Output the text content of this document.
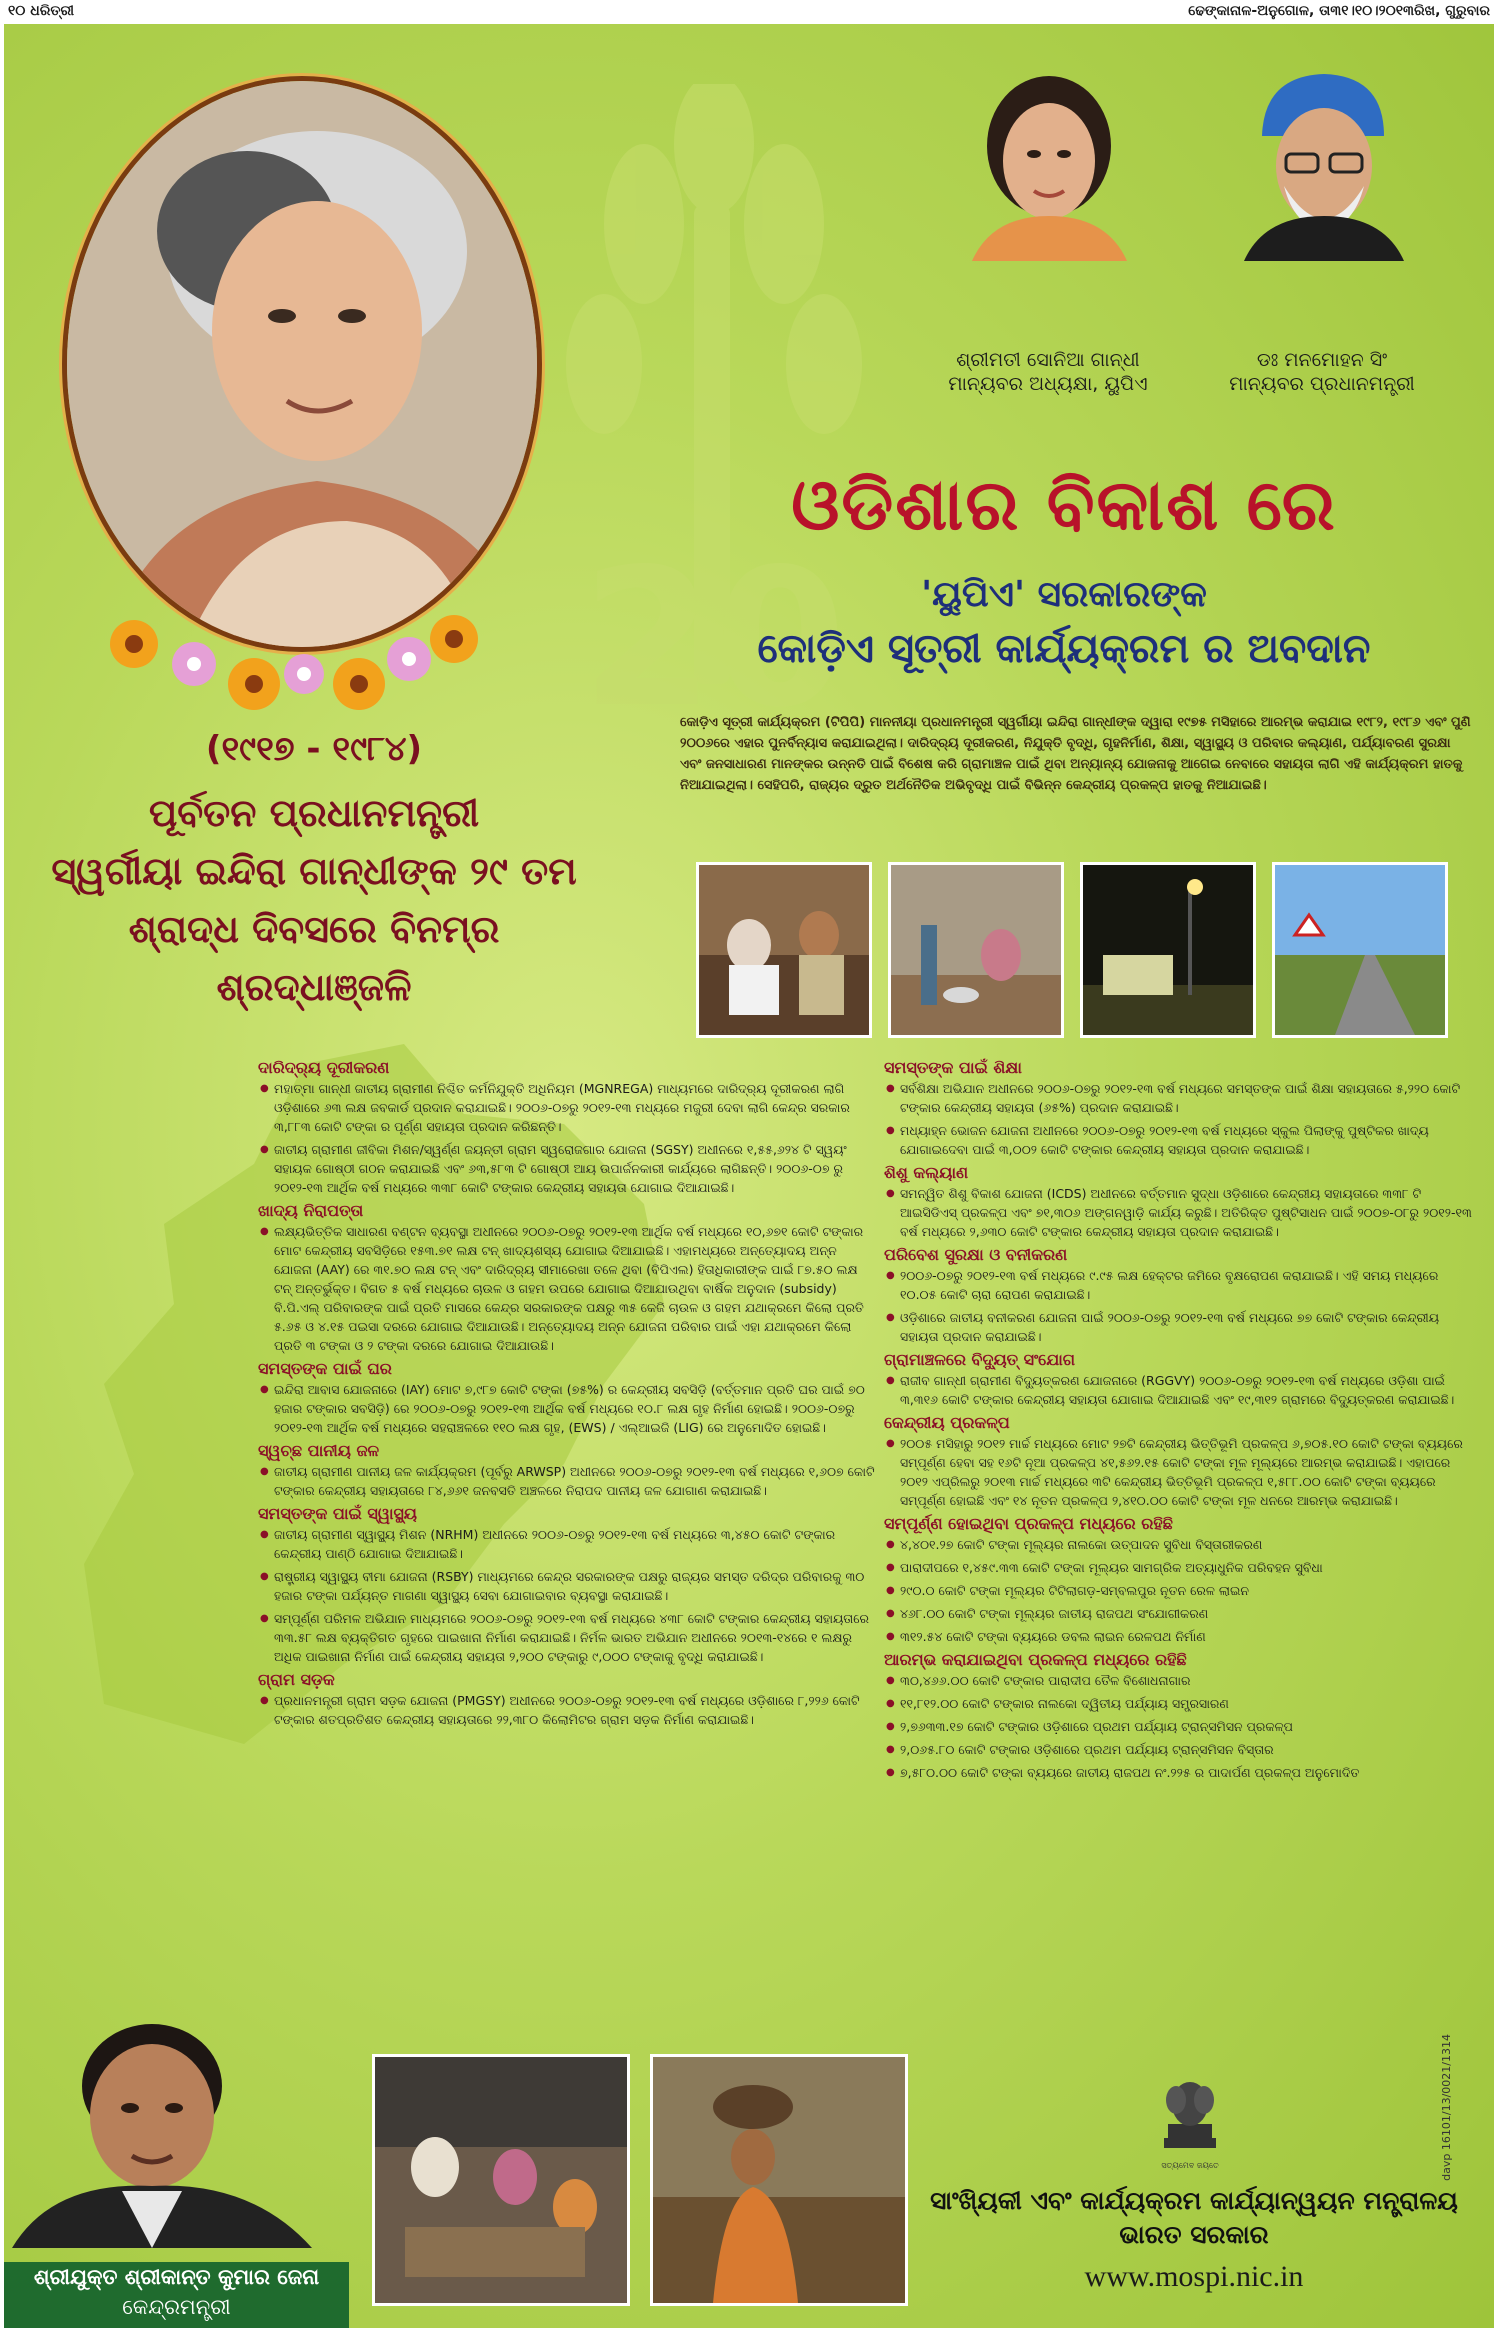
୧୦ ଧରିତ୍ରୀ	ଢେଙ୍କାନାଳ-ଅନୁଗୋଳ, ତା୩୧।୧୦।୨୦୧୩ରିଖ, ଗୁରୁବାର
20
(୧୯୧୭ - ୧୯୮୪)
ପୂର୍ବତନ ପ୍ରଧାନମନ୍ତ୍ରୀ
ସ୍ୱର୍ଗୀୟା ଇନ୍ଦିରା ଗାନ୍ଧୀଙ୍କ ୨୯ ତମ
ଶ୍ରାଦ୍ଧ ଦିବସରେ ବିନମ୍ର ଶ୍ରଦ୍ଧାଞ୍ଜଳି
ଶ୍ରୀମତୀ ସୋନିଆ ଗାନ୍ଧୀ
ମାନ୍ୟବର ଅଧ୍ୟକ୍ଷା, ୟୁପିଏ
ଡଃ ମନମୋହନ ସିଂ
ମାନ୍ୟବର ପ୍ରଧାନମନ୍ତ୍ରୀ
ଓଡିଶାର ବିକାଶ ରେ
'ୟୁପିଏ' ସରକାରଙ୍କ
କୋଡ଼ିଏ ସୂତ୍ରୀ କାର୍ଯ୍ୟକ୍ରମ ର ଅବଦାନ
କୋଡ଼ିଏ ସୂତ୍ରୀ କାର୍ଯ୍ୟକ୍ରମ (ଟିପିପି) ମାନନୀୟା ପ୍ରଧାନମନ୍ତ୍ରୀ ସ୍ୱର୍ଗୀୟା ଇନ୍ଦିରା ଗାନ୍ଧୀଙ୍କ ଦ୍ୱାରା ୧୯୭୫ ମସିହାରେ ଆରମ୍ଭ କରାଯାଇ ୧୯୮୨, ୧୯୮୬ ଏବଂ ପୁଣି ୨୦୦୬ରେ ଏହାର ପୁନର୍ବିନ୍ୟାସ କରାଯାଇଥିଲା। ଦାରିଦ୍ର୍ୟ ଦୂରୀକରଣ, ନିଯୁକ୍ତି ବୃଦ୍ଧି, ଗୃହନିର୍ମାଣ, ଶିକ୍ଷା, ସ୍ୱାସ୍ଥ୍ୟ ଓ ପରିବାର କଲ୍ୟାଣ, ପର୍ଯ୍ୟାବରଣ ସୁରକ୍ଷା ଏବଂ ଜନସାଧାରଣ ମାନଙ୍କର ଉନ୍ନତି ପାଇଁ ବିଶେଷ କରି ଗ୍ରାମାଞ୍ଚଳ ପାଇଁ ଥିବା ଅନ୍ୟାନ୍ୟ ଯୋଜନାକୁ ଆଗେଇ ନେବାରେ ସହାୟତା ଲାଗି ଏହି କାର୍ଯ୍ୟକ୍ରମ ହାତକୁ ନିଆଯାଇଥିଲା। ସେହିପରି, ରାଜ୍ୟର ଦ୍ରୁତ ଅର୍ଥନୈତିକ ଅଭିବୃଦ୍ଧି ପାଇଁ ବିଭିନ୍ନ କେନ୍ଦ୍ରୀୟ ପ୍ରକଳ୍ପ ହାତକୁ ନିଆଯାଇଛି।
ଦାରିଦ୍ର୍ୟ ଦୂରୀକରଣ

● ମହାତ୍ମା ଗାନ୍ଧୀ ଜାତୀୟ ଗ୍ରାମୀଣ ନିଶ୍ଚିତ କର୍ମନିଯୁକ୍ତି ଅଧିନିୟମ (MGNREGA) ମାଧ୍ୟମରେ ଦାରିଦ୍ର୍ୟ ଦୂରୀକରଣ ଲାଗି ଓଡ଼ିଶାରେ ୬୩ ଲକ୍ଷ ଜବକାର୍ଡ ପ୍ରଦାନ କରାଯାଇଛି। ୨୦୦୬-୦୭ରୁ ୨୦୧୨-୧୩ ମଧ୍ୟରେ ମଜୁରୀ ଦେବା ଲାଗି କେନ୍ଦ୍ର ସରକାର ୩,୮୮୩ କୋଟି ଟଙ୍କା ର ପୂର୍ଣ୍ଣ ସହାୟତା ପ୍ରଦାନ କରିଛନ୍ତି।

● ଜାତୀୟ ଗ୍ରାମୀଣ ଜୀବିକା ମିଶନ/ସ୍ୱର୍ଣ୍ଣ ଜୟନ୍ତୀ ଗ୍ରାମ ସ୍ୱରୋଜଗାର ଯୋଜନା (SGSY) ଅଧୀନରେ ୧,୫୫,୬୨୪ ଟି ସ୍ୱୟଂ ସହାୟକ ଗୋଷ୍ଠୀ ଗଠନ କରାଯାଇଛି ଏବଂ ୬୩,୫୮୩ ଟି ଗୋଷ୍ଠୀ ଆୟ ଉପାର୍ଜନକାରୀ କାର୍ଯ୍ୟରେ ଲାଗିଛନ୍ତି। ୨୦୦୬-୦୭ ରୁ ୨୦୧୨-୧୩ ଆର୍ଥିକ ବର୍ଷ ମଧ୍ୟରେ ୩୩୮ କୋଟି ଟଙ୍କାର କେନ୍ଦ୍ରୀୟ ସହାୟତା ଯୋଗାଇ ଦିଆଯାଇଛି।

ଖାଦ୍ୟ ନିରାପତ୍ତା

● ଲକ୍ଷ୍ୟଭିତ୍ତିକ ସାଧାରଣ ବଣ୍ଟନ ବ୍ୟବସ୍ଥା ଅଧୀନରେ ୨୦୦୬-୦୭ରୁ ୨୦୧୨-୧୩ ଆର୍ଥିକ ବର୍ଷ ମଧ୍ୟରେ ୧୦,୬୭୧ କୋଟି ଟଙ୍କାର ମୋଟ କେନ୍ଦ୍ରୀୟ ସବସିଡ଼ିରେ ୧୫୩.୭୧ ଲକ୍ଷ ଟନ୍ ଖାଦ୍ୟଶସ୍ୟ ଯୋଗାଇ ଦିଆଯାଇଛି। ଏହାମଧ୍ୟରେ ଅନ୍ତ୍ୟୋଦୟ ଅନ୍ନ ଯୋଜନା (AAY) ରେ ୩୧.୭୦ ଲକ୍ଷ ଟନ୍ ଏବଂ ଦାରିଦ୍ର୍ୟ ସୀମାରେଖା ତଳେ ଥିବା (ବିପିଏଲ) ହିତାଧିକାରୀଙ୍କ ପାଇଁ ୮୭.୫୦ ଲକ୍ଷ ଟନ୍ ଅନ୍ତର୍ଭୁକ୍ତ। ବିଗତ ୫ ବର୍ଷ ମଧ୍ୟରେ ଚାଉଳ ଓ ଗହମ ଉପରେ ଯୋଗାଇ ଦିଆଯାଉଥିବା ବାର୍ଷିକ ଅନୁଦାନ (subsidy) ବି.ପି.ଏଲ୍ ପରିବାରଙ୍କ ପାଇଁ ପ୍ରତି ମାସରେ କେନ୍ଦ୍ର ସରକାରଙ୍କ ପକ୍ଷରୁ ୩୫ କେଜି ଚାଉଳ ଓ ଗହମ ଯଥାକ୍ରମେ କିଲୋ ପ୍ରତି ୫.୬୫ ଓ ୪.୧୫ ପଇସା ଦରରେ ଯୋଗାଇ ଦିଆଯାଉଛି। ଅନ୍ତ୍ୟୋଦୟ ଅନ୍ନ ଯୋଜନା ପରିବାର ପାଇଁ ଏହା ଯଥାକ୍ରମେ କିଲୋ ପ୍ରତି ୩ ଟଙ୍କା ଓ ୨ ଟଙ୍କା ଦରରେ ଯୋଗାଇ ଦିଆଯାଉଛି।

ସମସ୍ତଙ୍କ ପାଇଁ ଘର

● ଇନ୍ଦିରା ଆବାସ ଯୋଜନାରେ (IAY) ମୋଟ ୭,୯୮୭ କୋଟି ଟଙ୍କା (୭୫%) ର କେନ୍ଦ୍ରୀୟ ସବସିଡ଼ି (ବର୍ତ୍ତମାନ ପ୍ରତି ଘର ପାଇଁ ୭୦ ହଜାର ଟଙ୍କାର ସବସିଡ଼ି) ରେ ୨୦୦୬-୦୭ରୁ ୨୦୧୨-୧୩ ଆର୍ଥିକ ବର୍ଷ ମଧ୍ୟରେ ୧୦.୮ ଲକ୍ଷ ଗୃହ ନିର୍ମାଣ ହୋଇଛି। ୨୦୦୬-୦୭ରୁ ୨୦୧୨-୧୩ ଆର୍ଥିକ ବର୍ଷ ମଧ୍ୟରେ ସହରାଞ୍ଚଳରେ ୧୧୦ ଲକ୍ଷ ଗୃହ, (EWS) / ଏଲ୍ଆଇଜି (LIG) ରେ ଅନୁମୋଦିତ ହୋଇଛି।

ସ୍ୱଚ୍ଛ ପାନୀୟ ଜଳ

● ଜାତୀୟ ଗ୍ରାମୀଣ ପାନୀୟ ଜଳ କାର୍ଯ୍ୟକ୍ରମ (ପୂର୍ବରୁ ARWSP) ଅଧୀନରେ ୨୦୦୬-୦୭ରୁ ୨୦୧୨-୧୩ ବର୍ଷ ମଧ୍ୟରେ ୧,୬୦୭ କୋଟି ଟଙ୍କାର କେନ୍ଦ୍ରୀୟ ସହାୟତାରେ ୮୪,୬୬୧ ଜନବସତି ଅଞ୍ଚଳରେ ନିରାପଦ ପାନୀୟ ଜଳ ଯୋଗାଣ କରାଯାଇଛି।

ସମସ୍ତଙ୍କ ପାଇଁ ସ୍ୱାସ୍ଥ୍ୟ

● ଜାତୀୟ ଗ୍ରାମୀଣ ସ୍ୱାସ୍ଥ୍ୟ ମିଶନ (NRHM) ଅଧୀନରେ ୨୦୦୬-୦୭ରୁ ୨୦୧୨-୧୩ ବର୍ଷ ମଧ୍ୟରେ ୩,୪୫୦ କୋଟି ଟଙ୍କାର କେନ୍ଦ୍ରୀୟ ପାଣ୍ଠି ଯୋଗାଇ ଦିଆଯାଇଛି।

● ରାଷ୍ଟ୍ରୀୟ ସ୍ୱାସ୍ଥ୍ୟ ବୀମା ଯୋଜନା (RSBY) ମାଧ୍ୟମରେ କେନ୍ଦ୍ର ସରକାରଙ୍କ ପକ୍ଷରୁ ରାଜ୍ୟର ସମସ୍ତ ଦରିଦ୍ର ପରିବାରକୁ ୩୦ ହଜାର ଟଙ୍କା ପର୍ଯ୍ୟନ୍ତ ମାଗଣା ସ୍ୱାସ୍ଥ୍ୟ ସେବା ଯୋଗାଇବାର ବ୍ୟବସ୍ଥା କରାଯାଇଛି।

● ସମ୍ପୂର୍ଣ୍ଣ ପରିମଳ ଅଭିଯାନ ମାଧ୍ୟମରେ ୨୦୦୬-୦୭ରୁ ୨୦୧୨-୧୩ ବର୍ଷ ମଧ୍ୟରେ ୪୩୮ କୋଟି ଟଙ୍କାର କେନ୍ଦ୍ରୀୟ ସହାୟତାରେ ୩୩.୫୮ ଲକ୍ଷ ବ୍ୟକ୍ତିଗତ ଗୃହରେ ପାଇଖାନା ନିର୍ମାଣ କରାଯାଇଛି। ନିର୍ମଳ ଭାରତ ଅଭିଯାନ ଅଧୀନରେ ୨୦୧୩-୧୪ରେ ୧ ଲକ୍ଷରୁ ଅଧିକ ପାଇଖାନା ନିର୍ମାଣ ପାଇଁ କେନ୍ଦ୍ରୀୟ ସହାୟତା ୨,୨୦୦ ଟଙ୍କାରୁ ୯,୦୦୦ ଟଙ୍କାକୁ ବୃଦ୍ଧି କରାଯାଇଛି।

ଗ୍ରାମ ସଡ଼କ

● ପ୍ରଧାନମନ୍ତ୍ରୀ ଗ୍ରାମ ସଡ଼କ ଯୋଜନା (PMGSY) ଅଧୀନରେ ୨୦୦୬-୦୭ରୁ ୨୦୧୨-୧୩ ବର୍ଷ ମଧ୍ୟରେ ଓଡ଼ିଶାରେ ୮,୨୨୬ କୋଟି ଟଙ୍କାର ଶତପ୍ରତିଶତ କେନ୍ଦ୍ରୀୟ ସହାୟତାରେ ୨୨,୩୮୦ କିଲୋମିଟର ଗ୍ରାମ ସଡ଼କ ନିର୍ମାଣ କରାଯାଇଛି।

ସମସ୍ତଙ୍କ ପାଇଁ ଶିକ୍ଷା

● ସର୍ବଶିକ୍ଷା ଅଭିଯାନ ଅଧୀନରେ ୨୦୦୬-୦୭ରୁ ୨୦୧୨-୧୩ ବର୍ଷ ମଧ୍ୟରେ ସମସ୍ତଙ୍କ ପାଇଁ ଶିକ୍ଷା ସହାୟତାରେ ୫,୨୨୦ କୋଟି ଟଙ୍କାର କେନ୍ଦ୍ରୀୟ ସହାୟତା (୬୫%) ପ୍ରଦାନ କରାଯାଇଛି।

● ମଧ୍ୟାହ୍ନ ଭୋଜନ ଯୋଜନା ଅଧୀନରେ ୨୦୦୬-୦୭ରୁ ୨୦୧୨-୧୩ ବର୍ଷ ମଧ୍ୟରେ ସ୍କୁଲ ପିଲାଙ୍କୁ ପୁଷ୍ଟିକର ଖାଦ୍ୟ ଯୋଗାଇଦେବା ପାଇଁ ୩,୦୦୨ କୋଟି ଟଙ୍କାର କେନ୍ଦ୍ରୀୟ ସହାୟତା ପ୍ରଦାନ କରାଯାଇଛି।

ଶିଶୁ କଲ୍ୟାଣ

● ସମନ୍ୱିତ ଶିଶୁ ବିକାଶ ଯୋଜନା (ICDS) ଅଧୀନରେ ବର୍ତ୍ତମାନ ସୁଦ୍ଧା ଓଡ଼ିଶାରେ କେନ୍ଦ୍ରୀୟ ସହାୟତାରେ ୩୩୮ ଟି ଆଇସିଡିଏସ୍ ପ୍ରକଳ୍ପ ଏବଂ ୭୧,୩୦୬ ଅଙ୍ଗନୱାଡ଼ି କାର୍ଯ୍ୟ କରୁଛି। ଅତିରିକ୍ତ ପୁଷ୍ଟିସାଧନ ପାଇଁ ୨୦୦୭-୦୮ରୁ ୨୦୧୨-୧୩ ବର୍ଷ ମଧ୍ୟରେ ୨,୬୩୦ କୋଟି ଟଙ୍କାର କେନ୍ଦ୍ରୀୟ ସହାୟତା ପ୍ରଦାନ କରାଯାଇଛି।

ପରିବେଶ ସୁରକ୍ଷା ଓ ବନୀକରଣ

● ୨୦୦୬-୦୭ରୁ ୨୦୧୨-୧୩ ବର୍ଷ ମଧ୍ୟରେ ୯.୯୫ ଲକ୍ଷ ହେକ୍ଟର ଜମିରେ ବୃକ୍ଷରୋପଣ କରାଯାଇଛି। ଏହି ସମୟ ମଧ୍ୟରେ ୧୦.୦୫ କୋଟି ଚାରା ରୋପଣ କରାଯାଇଛି।

● ଓଡ଼ିଶାରେ ଜାତୀୟ ବନୀକରଣ ଯୋଜନା ପାଇଁ ୨୦୦୬-୦୭ରୁ ୨୦୧୨-୧୩ ବର୍ଷ ମଧ୍ୟରେ ୭୭ କୋଟି ଟଙ୍କାର କେନ୍ଦ୍ରୀୟ ସହାୟତା ପ୍ରଦାନ କରାଯାଇଛି।

ଗ୍ରାମାଞ୍ଚଳରେ ବିଦ୍ୟୁତ୍ ସଂଯୋଗ

● ରାଜୀବ ଗାନ୍ଧୀ ଗ୍ରାମୀଣ ବିଦ୍ୟୁତ୍‌କରଣ ଯୋଜନାରେ (RGGVY) ୨୦୦୬-୦୭ରୁ ୨୦୧୨-୧୩ ବର୍ଷ ମଧ୍ୟରେ ଓଡ଼ିଶା ପାଇଁ ୩,୩୧୬ କୋଟି ଟଙ୍କାର କେନ୍ଦ୍ରୀୟ ସହାୟତା ଯୋଗାଇ ଦିଆଯାଇଛି ଏବଂ ୧୯,୩୧୨ ଗ୍ରାମରେ ବିଦ୍ୟୁତ୍‌କରଣ କରାଯାଇଛି।

କେନ୍ଦ୍ରୀୟ ପ୍ରକଳ୍ପ

● ୨୦୦୫ ମସିହାରୁ ୨୦୧୨ ମାର୍ଚ୍ଚ ମଧ୍ୟରେ ମୋଟ ୨୭ଟି କେନ୍ଦ୍ରୀୟ ଭିତ୍ତିଭୂମି ପ୍ରକଳ୍ପ ୬,୭୦୫.୧୦ କୋଟି ଟଙ୍କା ବ୍ୟୟରେ ସମ୍ପୂର୍ଣ୍ଣ ହେବା ସହ ୧୬ଟି ନୂଆ ପ୍ରକଳ୍ପ ୪୧,୫୬୨.୧୫ କୋଟି ଟଙ୍କା ମୂଳ ମୂଲ୍ୟରେ ଆରମ୍ଭ କରାଯାଇଛି। ଏହାପରେ ୨୦୧୨ ଏପ୍ରିଲରୁ ୨୦୧୩ ମାର୍ଚ୍ଚ ମଧ୍ୟରେ ୩ଟି କେନ୍ଦ୍ରୀୟ ଭିତ୍ତିଭୂମି ପ୍ରକଳ୍ପ ୧,୫୮୮.୦୦ କୋଟି ଟଙ୍କା ବ୍ୟୟରେ ସମ୍ପୂର୍ଣ୍ଣ ହୋଇଛି ଏବଂ ୧୪ ନୂତନ ପ୍ରକଳ୍ପ ୨,୪୧୦.୦୦ କୋଟି ଟଙ୍କା ମୂଳ ଧନରେ ଆରମ୍ଭ କରାଯାଇଛି।

ସମ୍ପୂର୍ଣ୍ଣ ହୋଇଥିବା ପ୍ରକଳ୍ପ ମଧ୍ୟରେ ରହିଛି

● ୪,୪୦୧.୨୭ କୋଟି ଟଙ୍କା ମୂଲ୍ୟର ନାଲକୋ ଉତ୍ପାଦନ ସୁବିଧା ବିସ୍ତାରୀକରଣ

● ପାରାଦୀପରେ ୧,୪୫୯.୩୩ କୋଟି ଟଙ୍କା ମୂଲ୍ୟର ସାମଗ୍ରିକ ଅତ୍ୟାଧୁନିକ ପରିବହନ ସୁବିଧା

● ୨୯୦.୦ କୋଟି ଟଙ୍କା ମୂଲ୍ୟର ଟିଟିଲାଗଡ଼-ସମ୍ବଲପୁର ନୂତନ ରେଳ ଲାଇନ

● ୪୬୮.୦୦ କୋଟି ଟଙ୍କା ମୂଲ୍ୟର ଜାତୀୟ ରାଜପଥ ସଂଯୋଗୀକରଣ

● ୩୧୨.୫୪ କୋଟି ଟଙ୍କା ବ୍ୟୟରେ ଡବଲ ଲାଇନ ରେଳପଥ ନିର୍ମାଣ

ଆରମ୍ଭ କରାଯାଇଥିବା ପ୍ରକଳ୍ପ ମଧ୍ୟରେ ରହିଛି

● ୩୦,୪୬୬.୦୦ କୋଟି ଟଙ୍କାର ପାରାଦୀପ ତୈଳ ବିଶୋଧନାଗାର

● ୧୧,୮୧୨.୦୦ କୋଟି ଟଙ୍କାର ନାଲକୋ ଦ୍ୱିତୀୟ ପର୍ଯ୍ୟାୟ ସମ୍ପ୍ରସାରଣ

● ୨,୭୬୩୩.୧୭ କୋଟି ଟଙ୍କାର ଓଡ଼ିଶାରେ ପ୍ରଥମ ପର୍ଯ୍ୟାୟ ଟ୍ରାନ୍ସମିସନ ପ୍ରକଳ୍ପ

● ୨,୦୬୫.୮୦ କୋଟି ଟଙ୍କାର ଓଡ଼ିଶାରେ ପ୍ରଥମ ପର୍ଯ୍ୟାୟ ଟ୍ରାନ୍ସମିସନ ବିସ୍ତାର

● ୭,୫୮୦.୦୦ କୋଟି ଟଙ୍କା ବ୍ୟୟରେ ଜାତୀୟ ରାଜପଥ ନଂ.୨୨୫ ର ପାଦାର୍ପଣ ପ୍ରକଳ୍ପ ଅନୁମୋଦିତ

ଶ୍ରୀଯୁକ୍ତ ଶ୍ରୀକାନ୍ତ କୁମାର ଜେନା
କେନ୍ଦ୍ରମନ୍ତ୍ରୀ
ସତ୍ୟମେବ ଜୟତେ
ସାଂଖ୍ୟିକୀ ଏବଂ କାର୍ଯ୍ୟକ୍ରମ କାର୍ଯ୍ୟାନ୍ୱୟନ ମନ୍ତ୍ରାଳୟ
ଭାରତ ସରକାର
www.mospi.nic.in
davp 16101/13/0021/1314
